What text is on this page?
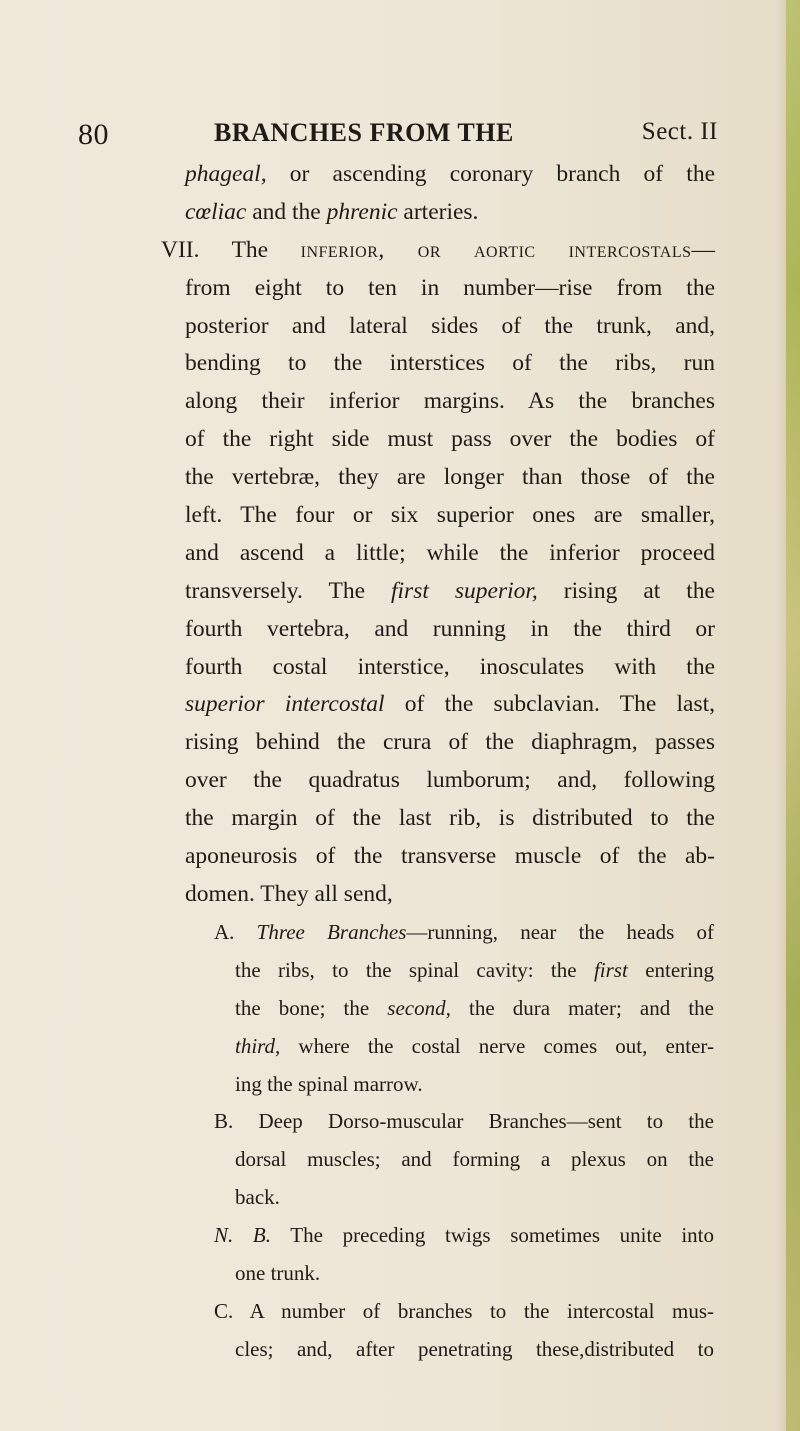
80	BRANCHES FROM THE	Sect. II
phageal, or ascending coronary branch of the
cœliac and the phrenic arteries.
VII. The inferior, or aortic intercostals—
from eight to ten in number—rise from the
posterior and lateral sides of the trunk, and,
bending to the interstices of the ribs, run
along their inferior margins. As the branches
of the right side must pass over the bodies of
the vertebræ, they are longer than those of the
left. The four or six superior ones are smaller,
and ascend a little; while the inferior proceed
transversely. The first superior, rising at the
fourth vertebra, and running in the third or
fourth costal interstice, inosculates with the
superior intercostal of the subclavian. The last,
rising behind the crura of the diaphragm, passes
over the quadratus lumborum; and, following
the margin of the last rib, is distributed to the
aponeurosis of the transverse muscle of the ab-
domen. They all send,
A. Three Branches—running, near the heads of
the ribs, to the spinal cavity: the first entering
the bone; the second, the dura mater; and the
third, where the costal nerve comes out, enter-
ing the spinal marrow.
B. Deep Dorso-muscular Branches—sent to the
dorsal muscles; and forming a plexus on the
back.
N. B. The preceding twigs sometimes unite into
one trunk.
C. A number of branches to the intercostal mus-
cles; and, after penetrating these,distributed to
